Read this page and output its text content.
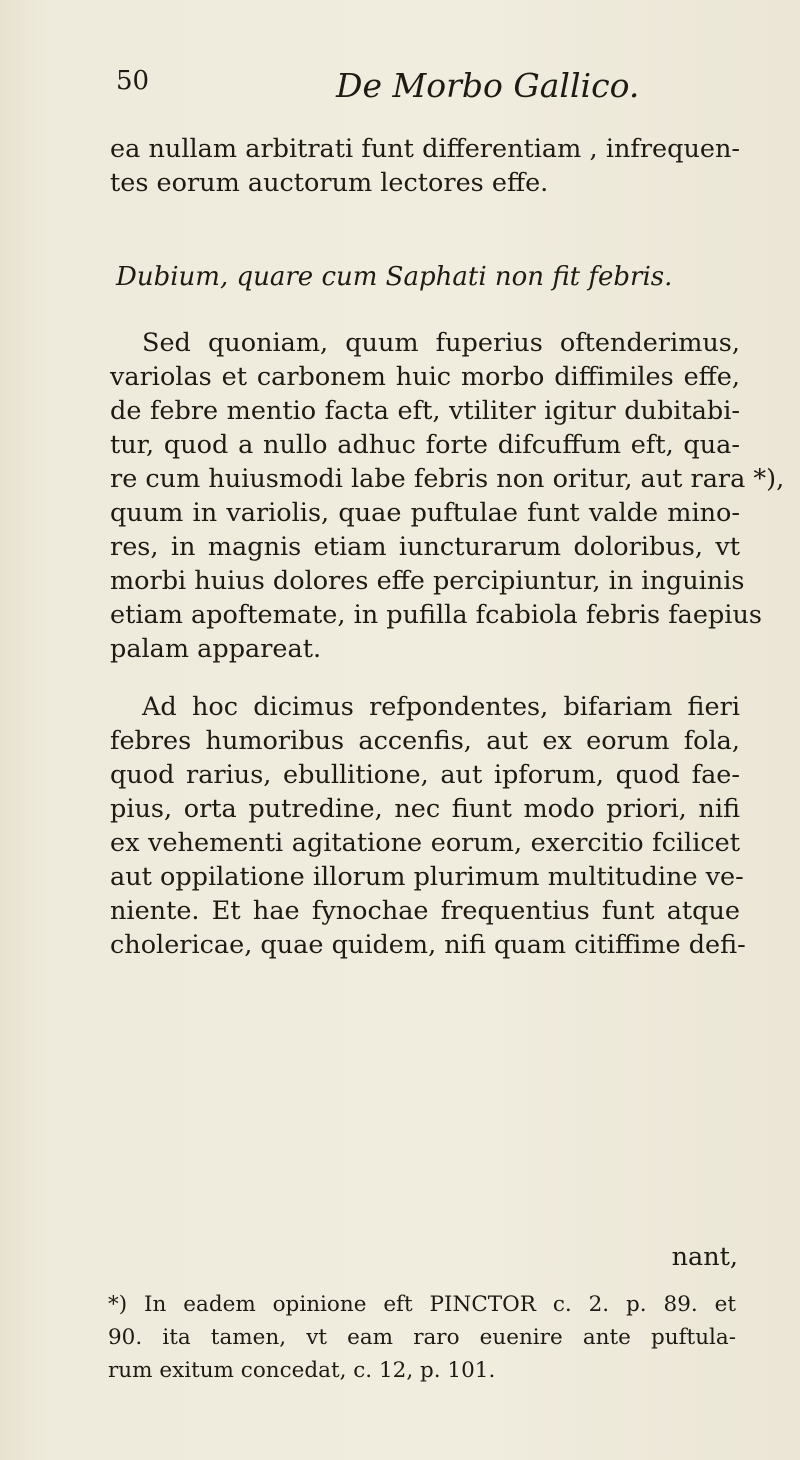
50	De Morbo Gallico.
ea nullam arbitrati funt differentiam , infrequen-
tes eorum auctorum lectores effe.
Dubium, quare cum Saphati non fit febris.
Sed quoniam, quum fuperius oftenderimus,
variolas et carbonem huic morbo diffimiles effe,
de febre mentio facta eft, vtiliter igitur dubitabi-
tur, quod a nullo adhuc forte difcuffum eft, qua-
re cum huiusmodi labe febris non oritur, aut rara *),
quum in variolis, quae puftulae funt valde mino-
res, in magnis etiam iuncturarum doloribus, vt
morbi huius dolores effe percipiuntur, in inguinis
etiam apoftemate, in pufilla fcabiola febris faepius
palam appareat.
Ad hoc dicimus refpondentes, bifariam fieri
febres humoribus accenfis, aut ex eorum fola,
quod rarius, ebullitione, aut ipforum, quod fae-
pius, orta putredine, nec fiunt modo priori, nifi
ex vehementi agitatione eorum, exercitio fcilicet
aut oppilatione illorum plurimum multitudine ve-
niente. Et hae fynochae frequentius funt atque
cholericae, quae quidem, nifi quam citiffime defi-
nant,
*) In eadem opinione eft PINCTOR c. 2. p. 89. et
90. ita tamen, vt eam raro euenire ante puftula-
rum exitum concedat, c. 12, p. 101.
